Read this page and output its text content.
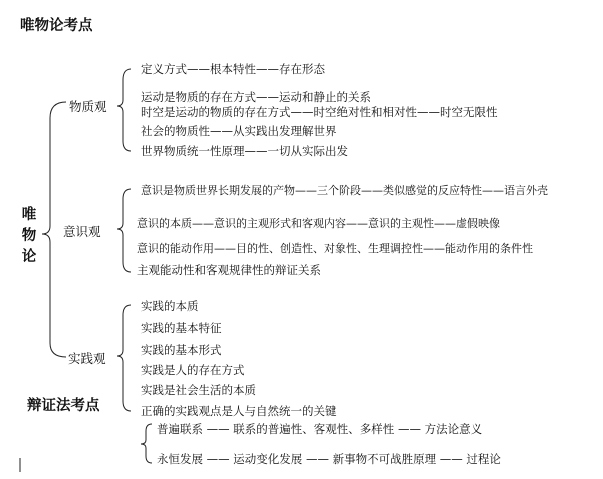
唯物论考点
唯物论
物质观
定义方式——根本特性——存在形态
运动是物质的存在方式——运动和静止的关系
时空是运动的物质的存在方式——时空绝对性和相对性——时空无限性
社会的物质性——从实践出发理解世界
世界物质统一性原理——一切从实际出发
意识观
意识是物质世界长期发展的产物——三个阶段——类似感觉的反应特性——语言外壳
意识的本质——意识的主观形式和客观内容——意识的主观性——虚假映像
意识的能动作用——目的性、创造性、对象性、生理调控性——能动作用的条件性
主观能动性和客观规律性的辩证关系
实践观
实践的本质
实践的基本特征
实践的基本形式
实践是人的存在方式
实践是社会生活的本质
正确的实践观点是人与自然统一的关键
辩证法考点
普遍联系 —— 联系的普遍性、客观性、多样性 —— 方法论意义
永恒发展 —— 运动变化发展 —— 新事物不可战胜原理 —— 过程论
